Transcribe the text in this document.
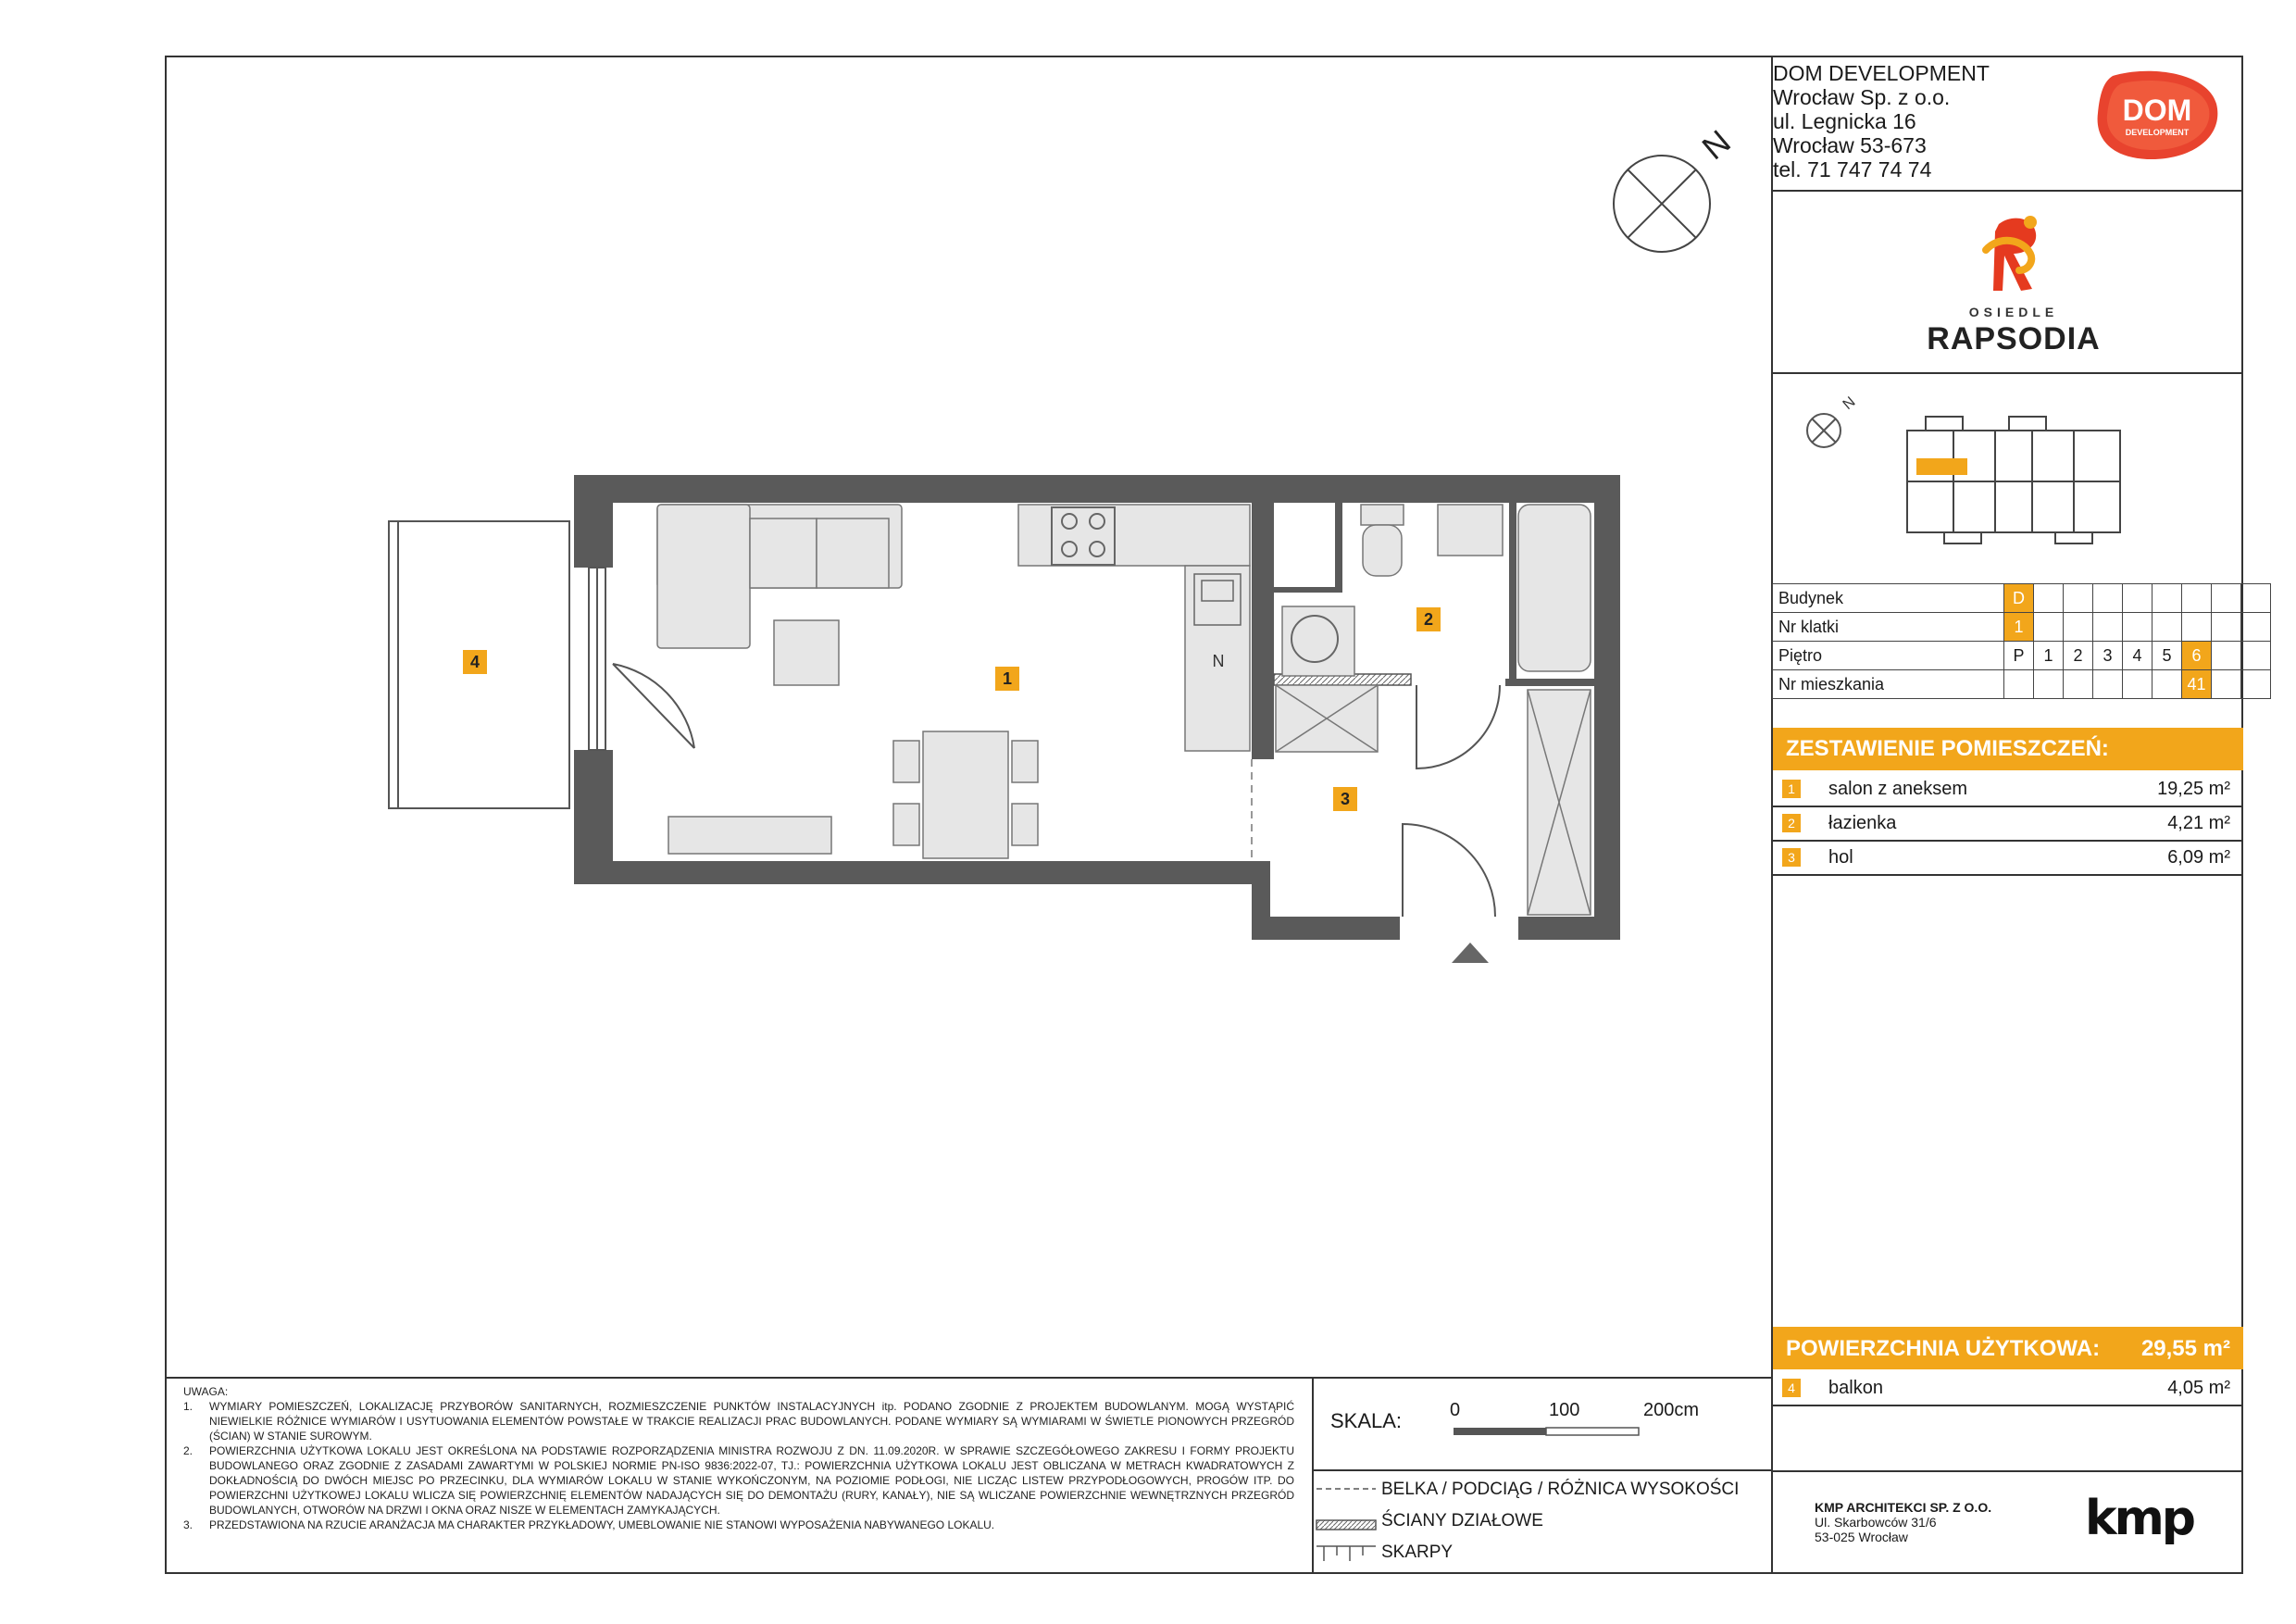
DOM DEVELOPMENT
Wrocław Sp. z o.o.
ul. Legnicka 16
Wrocław 53-673
tel. 71 747 74 74
DOM
DEVELOPMENT
OSIEDLE
RAPSODIA
N
Budynek	D								
Nr klatki	1								
Piętro	P	1	2	3	4	5	6		
Nr mieszkania							41		
ZESTAWIENIE POMIESZCZEŃ:
1	salon z aneksem	19,25 m²
2	łazienka	4,21 m²
3	hol	6,09 m²
POWIERZCHNIA UŻYTKOWA: 29,55 m²
4	balkon	4,05 m²
N
N
1
2
3
4

UWAGA:

1.	WYMIARY POMIESZCZEŃ, LOKALIZACJĘ PRZYBORÓW SANITARNYCH, ROZMIESZCZENIE PUNKTÓW INSTALACYJNYCH itp. PODANO ZGODNIE Z PROJEKTEM BUDOWLANYM. MOGĄ WYSTĄPIĆ NIEWIELKIE RÓŻNICE WYMIARÓW I USYTUOWANIA ELEMENTÓW POWSTAŁE W TRAKCIE REALIZACJI PRAC BUDOWLANYCH. PODANE WYMIARY SĄ WYMIARAMI W ŚWIETLE PIONOWYCH PRZEGRÓD (ŚCIAN) W STANIE SUROWYM.
2.	POWIERZCHNIA UŻYTKOWA LOKALU JEST OKREŚLONA NA PODSTAWIE ROZPORZĄDZENIA MINISTRA ROZWOJU Z DN. 11.09.2020R. W SPRAWIE SZCZEGÓŁOWEGO ZAKRESU I FORMY PROJEKTU BUDOWLANEGO ORAZ ZGODNIE Z ZASADAMI ZAWARTYMI W POLSKIEJ NORMIE PN-ISO 9836:2022-07, TJ.: POWIERZCHNIA UŻYTKOWA LOKALU JEST OBLICZANA W METRACH KWADRATOWYCH Z DOKŁADNOŚCIĄ DO DWÓCH MIEJSC PO PRZECINKU, DLA WYMIARÓW LOKALU W STANIE WYKOŃCZONYM, NA POZIOMIE PODŁOGI, NIE LICZĄC LISTEW PRZYPODŁOGOWYCH, PROGÓW ITP. DO POWIERZCHNI UŻYTKOWEJ LOKALU WLICZA SIĘ POWIERZCHNIĘ ELEMENTÓW NADAJĄCYCH SIĘ DO DEMONTAŻU (RURY, KANAŁY), NIE SĄ WLICZANE POWIERZCHNIE WEWNĘTRZNYCH PRZEGRÓD BUDOWLANYCH, OTWORÓW NA DRZWI I OKNA ORAZ NISZE W ELEMENTACH ZAMYKAJĄCYCH.
3.	PRZEDSTAWIONA NA RZUCIE ARANŻACJA MA CHARAKTER PRZYKŁADOWY, UMEBLOWANIE NIE STANOWI WYPOSAŻENIA NABYWANEGO LOKALU.
SKALA:	0	100	200cm
BELKA / PODCIĄG / RÓŻNICA WYSOKOŚCI
ŚCIANY DZIAŁOWE
SKARPY
KMP ARCHITEKCI SP. Z O.O.
Ul. Skarbowców 31/6
53-025 Wrocław	kmp
